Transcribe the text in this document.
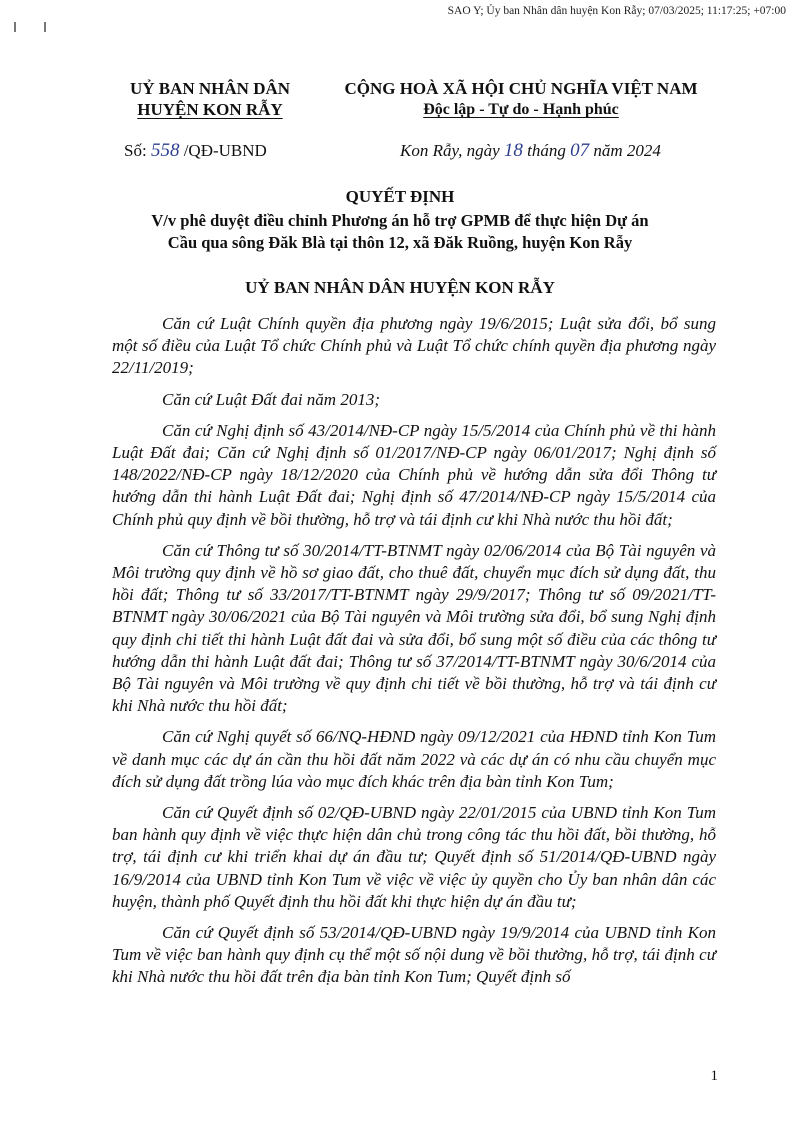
SAO Y; Ủy ban Nhân dân huyện Kon Rẫy; 07/03/2025; 11:17:25; +07:00
UỶ BAN NHÂN DÂN
HUYỆN KON RẪY
CỘNG HOÀ XÃ HỘI CHỦ NGHĨA VIỆT NAM
Độc lập - Tự do - Hạnh phúc
Số: 558 /QĐ-UBND	Kon Rẫy, ngày 18 tháng 07 năm 2024
QUYẾT ĐỊNH
V/v phê duyệt điều chỉnh Phương án hỗ trợ GPMB để thực hiện Dự án
Cầu qua sông Đăk Blà tại thôn 12, xã Đăk Ruồng, huyện Kon Rẫy
UỶ BAN NHÂN DÂN HUYỆN KON RẪY

Căn cứ Luật Chính quyền địa phương ngày 19/6/2015; Luật sửa đổi, bổ sung một số điều của Luật Tổ chức Chính phủ và Luật Tổ chức chính quyền địa phương ngày 22/11/2019;

Căn cứ Luật Đất đai năm 2013;

Căn cứ Nghị định số 43/2014/NĐ-CP ngày 15/5/2014 của Chính phủ về thi hành Luật Đất đai; Căn cứ Nghị định số 01/2017/NĐ-CP ngày 06/01/2017; Nghị định số 148/2022/NĐ-CP ngày 18/12/2020 của Chính phủ về hướng dẫn sửa đổi Thông tư hướng dẫn thi hành Luật Đất đai; Nghị định số 47/2014/NĐ-CP ngày 15/5/2014 của Chính phủ quy định về bồi thường, hỗ trợ và tái định cư khi Nhà nước thu hồi đất;

Căn cứ Thông tư số 30/2014/TT-BTNMT ngày 02/06/2014 của Bộ Tài nguyên và Môi trường quy định về hồ sơ giao đất, cho thuê đất, chuyển mục đích sử dụng đất, thu hồi đất; Thông tư số 33/2017/TT-BTNMT ngày 29/9/2017; Thông tư số 09/2021/TT-BTNMT ngày 30/06/2021 của Bộ Tài nguyên và Môi trường sửa đổi, bổ sung Nghị định quy định chi tiết thi hành Luật đất đai và sửa đổi, bổ sung một số điều của các thông tư hướng dẫn thi hành Luật đất đai; Thông tư số 37/2014/TT-BTNMT ngày 30/6/2014 của Bộ Tài nguyên và Môi trường về quy định chi tiết về bồi thường, hỗ trợ và tái định cư khi Nhà nước thu hồi đất;

Căn cứ Nghị quyết số 66/NQ-HĐND ngày 09/12/2021 của HĐND tỉnh Kon Tum về danh mục các dự án cần thu hồi đất năm 2022 và các dự án có nhu cầu chuyển mục đích sử dụng đất trồng lúa vào mục đích khác trên địa bàn tỉnh Kon Tum;

Căn cứ Quyết định số 02/QĐ-UBND ngày 22/01/2015 của UBND tỉnh Kon Tum ban hành quy định về việc thực hiện dân chủ trong công tác thu hồi đất, bồi thường, hỗ trợ, tái định cư khi triển khai dự án đầu tư; Quyết định số 51/2014/QĐ-UBND ngày 16/9/2014 của UBND tỉnh Kon Tum về việc về việc ủy quyền cho Ủy ban nhân dân các huyện, thành phố Quyết định thu hồi đất khi thực hiện dự án đầu tư;

Căn cứ Quyết định số 53/2014/QĐ-UBND ngày 19/9/2014 của UBND tỉnh Kon Tum về việc ban hành quy định cụ thể một số nội dung về bồi thường, hỗ trợ, tái định cư khi Nhà nước thu hồi đất trên địa bàn tỉnh Kon Tum; Quyết định số

1
